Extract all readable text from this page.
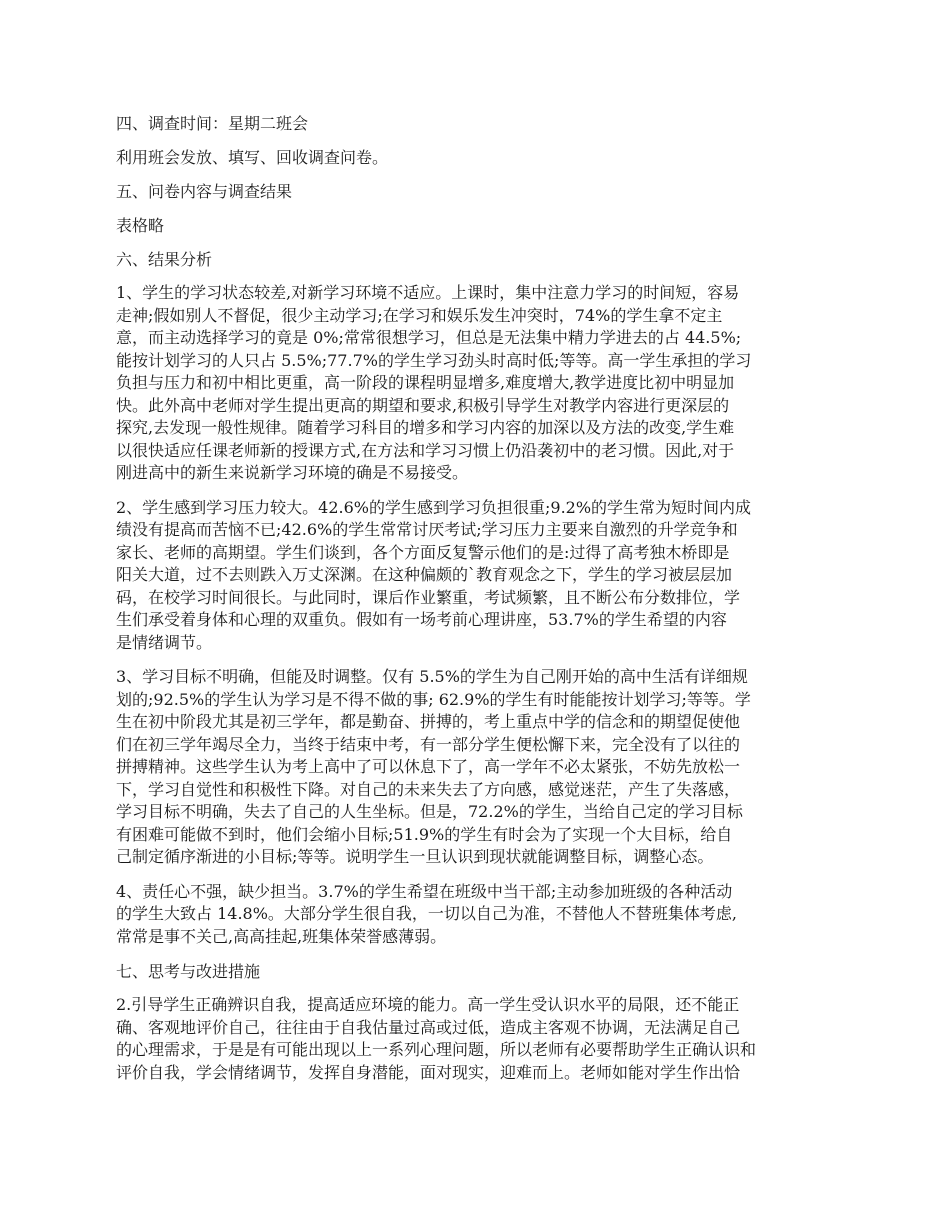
四、调查时间：星期二班会
利用班会发放、填写、回收调查问卷。
五、问卷内容与调查结果
表格略
六、结果分析
1、学生的学习状态较差,对新学习环境不适应。上课时，集中注意力学习的时间短，容易
走神;假如别人不督促，很少主动学习;在学习和娱乐发生冲突时，74%的学生拿不定主
意，而主动选择学习的竟是 0%;常常很想学习，但总是无法集中精力学进去的占 44.5%;
能按计划学习的人只占 5.5%;77.7%的学生学习劲头时高时低;等等。高一学生承担的学习
负担与压力和初中相比更重，高一阶段的课程明显增多,难度增大,教学进度比初中明显加
快。此外高中老师对学生提出更高的期望和要求,积极引导学生对教学内容进行更深层的
探究,去发现一般性规律。随着学习科目的增多和学习内容的加深以及方法的改变,学生难
以很快适应任课老师新的授课方式,在方法和学习习惯上仍沿袭初中的老习惯。因此,对于
刚进高中的新生来说新学习环境的确是不易接受。
2、学生感到学习压力较大。42.6%的学生感到学习负担很重;9.2%的学生常为短时间内成
绩没有提高而苦恼不已;42.6%的学生常常讨厌考试;学习压力主要来自激烈的升学竞争和
家长、老师的高期望。学生们谈到，各个方面反复警示他们的是:过得了高考独木桥即是
阳关大道，过不去则跌入万丈深渊。在这种偏颇的`教育观念之下，学生的学习被层层加
码，在校学习时间很长。与此同时，课后作业繁重，考试频繁，且不断公布分数排位，学
生们承受着身体和心理的双重负。假如有一场考前心理讲座，53.7%的学生希望的内容
是情绪调节。
3、学习目标不明确，但能及时调整。仅有 5.5%的学生为自己刚开始的高中生活有详细规
划的;92.5%的学生认为学习是不得不做的事; 62.9%的学生有时能能按计划学习;等等。学
生在初中阶段尤其是初三学年，都是勤奋、拼搏的，考上重点中学的信念和的期望促使他
们在初三学年竭尽全力，当终于结束中考，有一部分学生便松懈下来，完全没有了以往的
拼搏精神。这些学生认为考上高中了可以休息下了，高一学年不必太紧张，不妨先放松一
下，学习自觉性和积极性下降。对自己的未来失去了方向感，感觉迷茫，产生了失落感，
学习目标不明确，失去了自己的人生坐标。但是，72.2%的学生，当给自己定的学习目标
有困难可能做不到时，他们会缩小目标;51.9%的学生有时会为了实现一个大目标，给自
己制定循序渐进的小目标;等等。说明学生一旦认识到现状就能调整目标，调整心态。
4、责任心不强，缺少担当。3.7%的学生希望在班级中当干部;主动参加班级的各种活动
的学生大致占 14.8%。大部分学生很自我，一切以自己为准，不替他人不替班集体考虑,
常常是事不关己,高高挂起,班集体荣誉感薄弱。
七、思考与改进措施
2.引导学生正确辨识自我，提高适应环境的能力。高一学生受认识水平的局限，还不能正
确、客观地评价自己，往往由于自我估量过高或过低，造成主客观不协调，无法满足自己
的心理需求，于是是有可能出现以上一系列心理问题，所以老师有必要帮助学生正确认识和
评价自我，学会情绪调节，发挥自身潜能，面对现实，迎难而上。老师如能对学生作出恰
